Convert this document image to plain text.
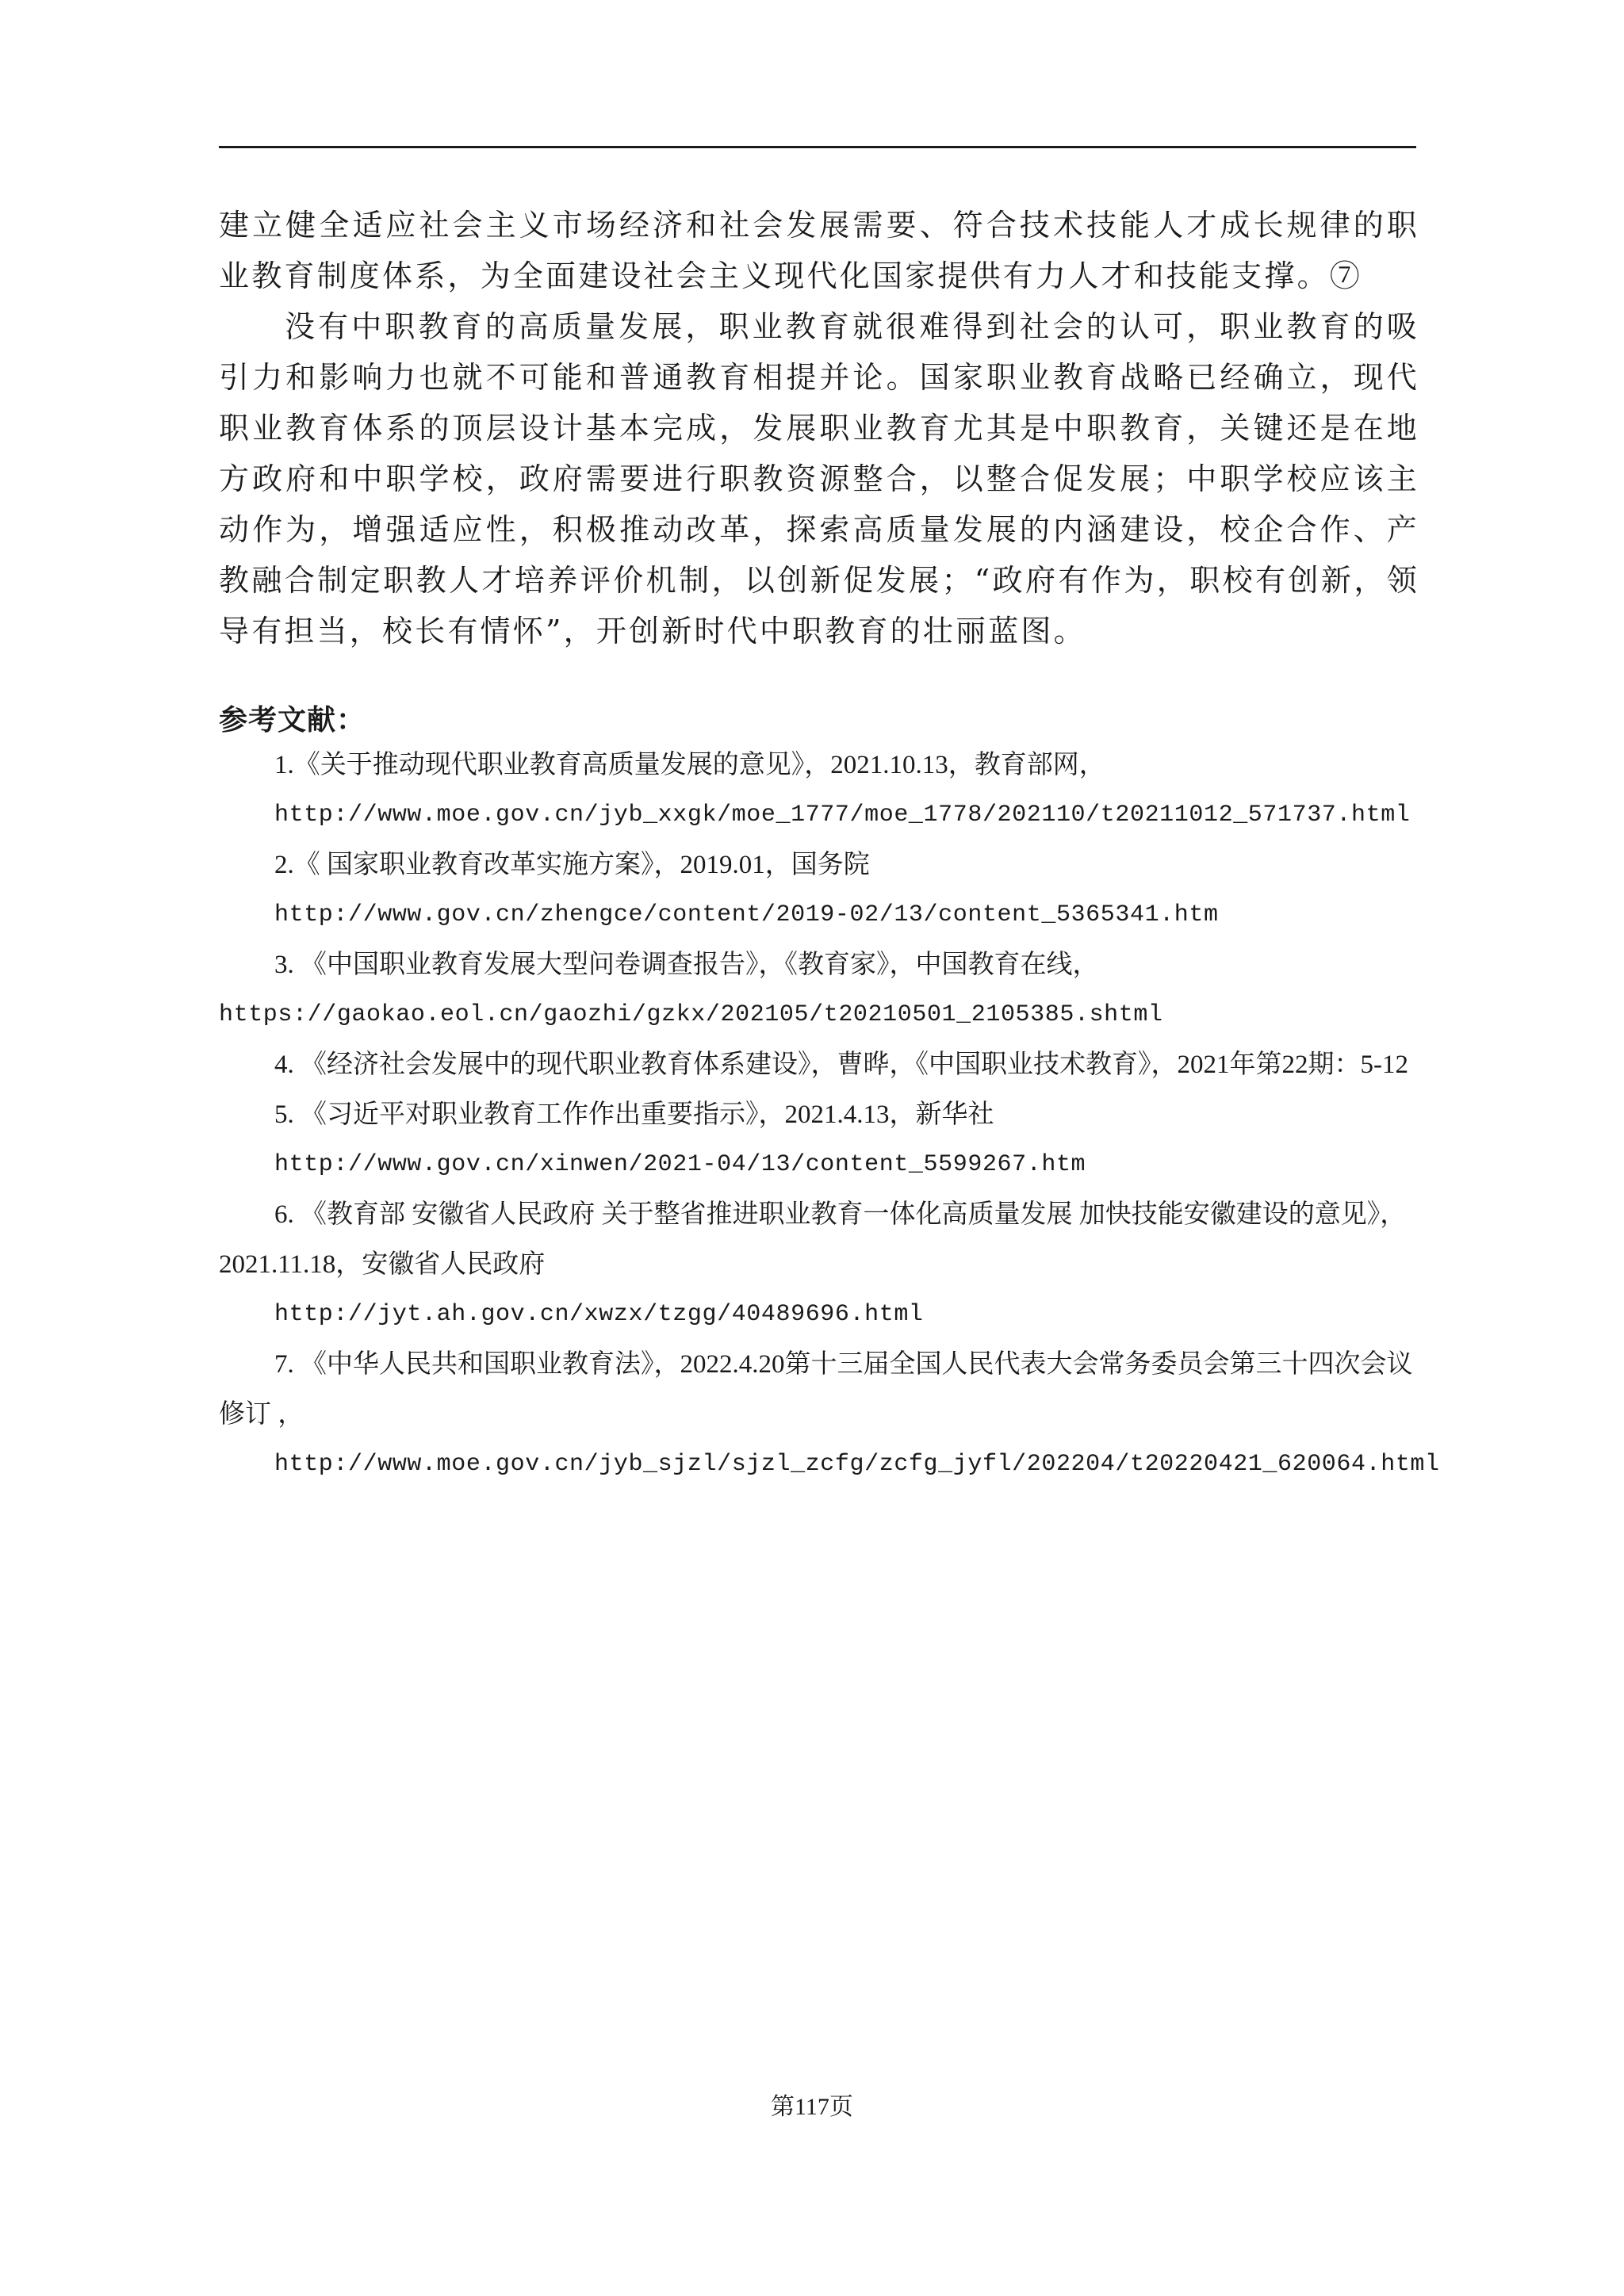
建立健全适应社会主义市场经济和社会发展需要、符合技术技能人才成长规律的职业教育制度体系，为全面建设社会主义现代化国家提供有力人才和技能支撑。⑦

没有中职教育的高质量发展，职业教育就很难得到社会的认可，职业教育的吸引力和影响力也就不可能和普通教育相提并论。国家职业教育战略已经确立，现代职业教育体系的顶层设计基本完成，发展职业教育尤其是中职教育，关键还是在地方政府和中职学校，政府需要进行职教资源整合，以整合促发展；中职学校应该主动作为，增强适应性，积极推动改革，探索高质量发展的内涵建设，校企合作、产教融合制定职教人才培养评价机制，以创新促发展；“政府有作为，职校有创新，领导有担当，校长有情怀”，开创新时代中职教育的壮丽蓝图。

参考文献：
1.《关于推动现代职业教育高质量发展的意见》，2021.10.13，教育部网，
http://www.moe.gov.cn/jyb_xxgk/moe_1777/moe_1778/202110/t20211012_571737.html
2.《 国家职业教育改革实施方案》，2019.01，国务院
http://www.gov.cn/zhengce/content/2019-02/13/content_5365341.htm
3. 《中国职业教育发展大型问卷调查报告》，《教育家》，中国教育在线，
https://gaokao.eol.cn/gaozhi/gzkx/202105/t20210501_2105385.shtml
4. 《经济社会发展中的现代职业教育体系建设》，曹晔，《中国职业技术教育》，2021年第22期：5-12
5. 《习近平对职业教育工作作出重要指示》，2021.4.13，新华社
http://www.gov.cn/xinwen/2021-04/13/content_5599267.htm
6. 《教育部 安徽省人民政府 关于整省推进职业教育一体化高质量发展 加快技能安徽建设的意见》，2021.11.18，安徽省人民政府
http://jyt.ah.gov.cn/xwzx/tzgg/40489696.html
7. 《中华人民共和国职业教育法》，2022.4.20第十三届全国人民代表大会常务委员会第三十四次会议修订 ，
http://www.moe.gov.cn/jyb_sjzl/sjzl_zcfg/zcfg_jyfl/202204/t20220421_620064.html
第117页
